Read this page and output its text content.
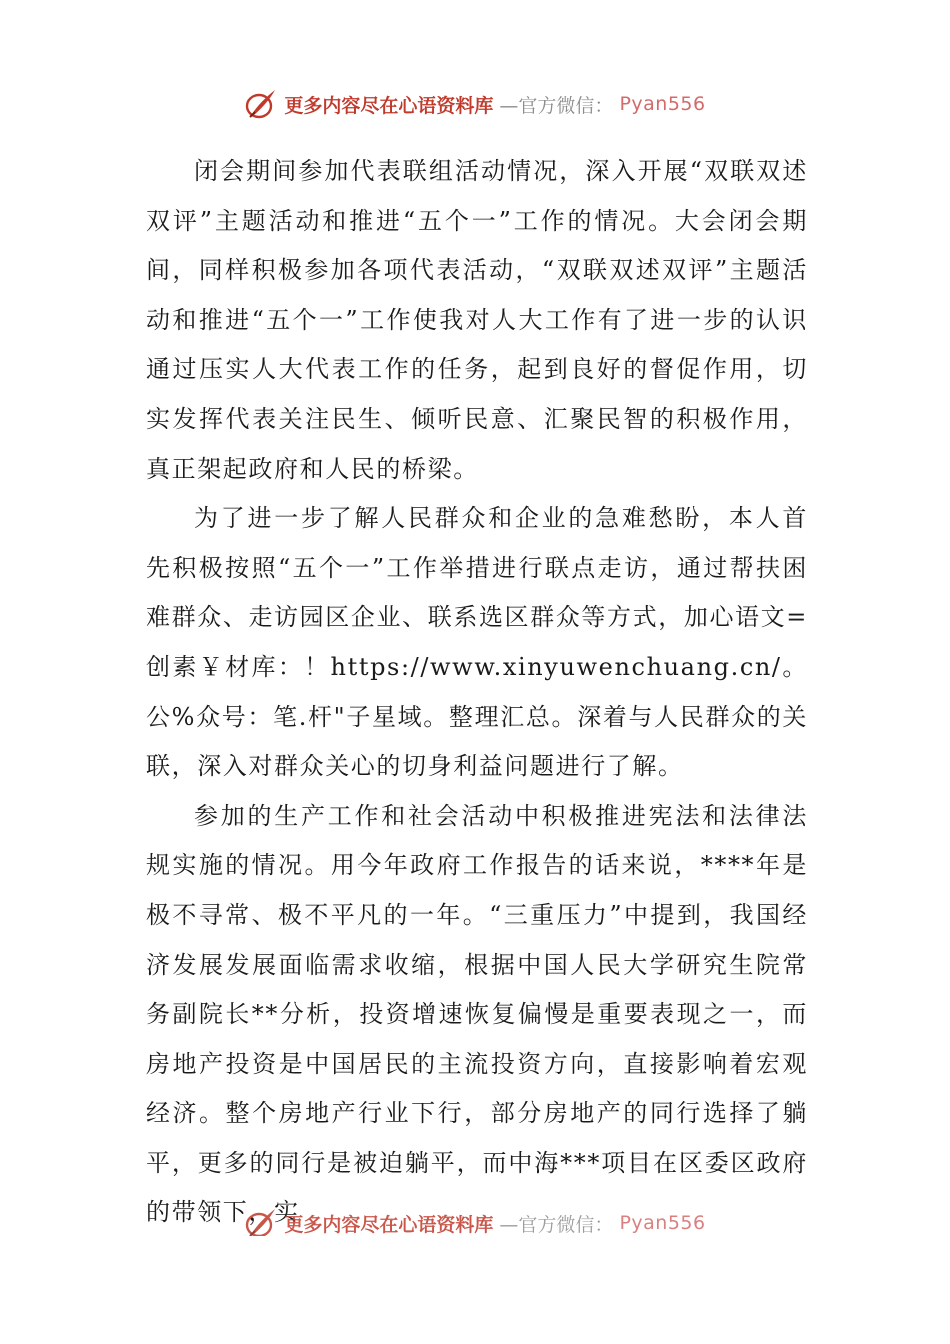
更多内容尽在心语资料库 —官方微信： Pyan556

闭会期间参加代表联组活动情况，深入开展“双联双述双评”主题活动和推进“五个一”工作的情况。大会闭会期间，同样积极参加各项代表活动，“双联双述双评”主题活动和推进“五个一”工作使我对人大工作有了进一步的认识通过压实人大代表工作的任务，起到良好的督促作用，切实发挥代表关注民生、倾听民意、汇聚民智的积极作用，真正架起政府和人民的桥梁。

为了进一步了解人民群众和企业的急难愁盼，本人首先积极按照“五个一”工作举措进行联点走访，通过帮扶困难群众、走访园区企业、联系选区群众等方式，加心语文=创素￥材库：！https://www.xinyuwenchuang.cn/。公%众号：笔.杆"子星域。整理汇总。深着与人民群众的关联，深入对群众关心的切身利益问题进行了解。

参加的生产工作和社会活动中积极推进宪法和法律法规实施的情况。用今年政府工作报告的话来说，****年是极不寻常、极不平凡的一年。“三重压力”中提到，我国经济发展发展面临需求收缩，根据中国人民大学研究生院常务副院长**分析，投资增速恢复偏慢是重要表现之一，而房地产投资是中国居民的主流投资方向，直接影响着宏观经济。整个房地产行业下行，部分房地产的同行选择了躺平，更多的同行是被迫躺平，而中海***项目在区委区政府的带领下，实

更多内容尽在心语资料库 —官方微信： Pyan556
